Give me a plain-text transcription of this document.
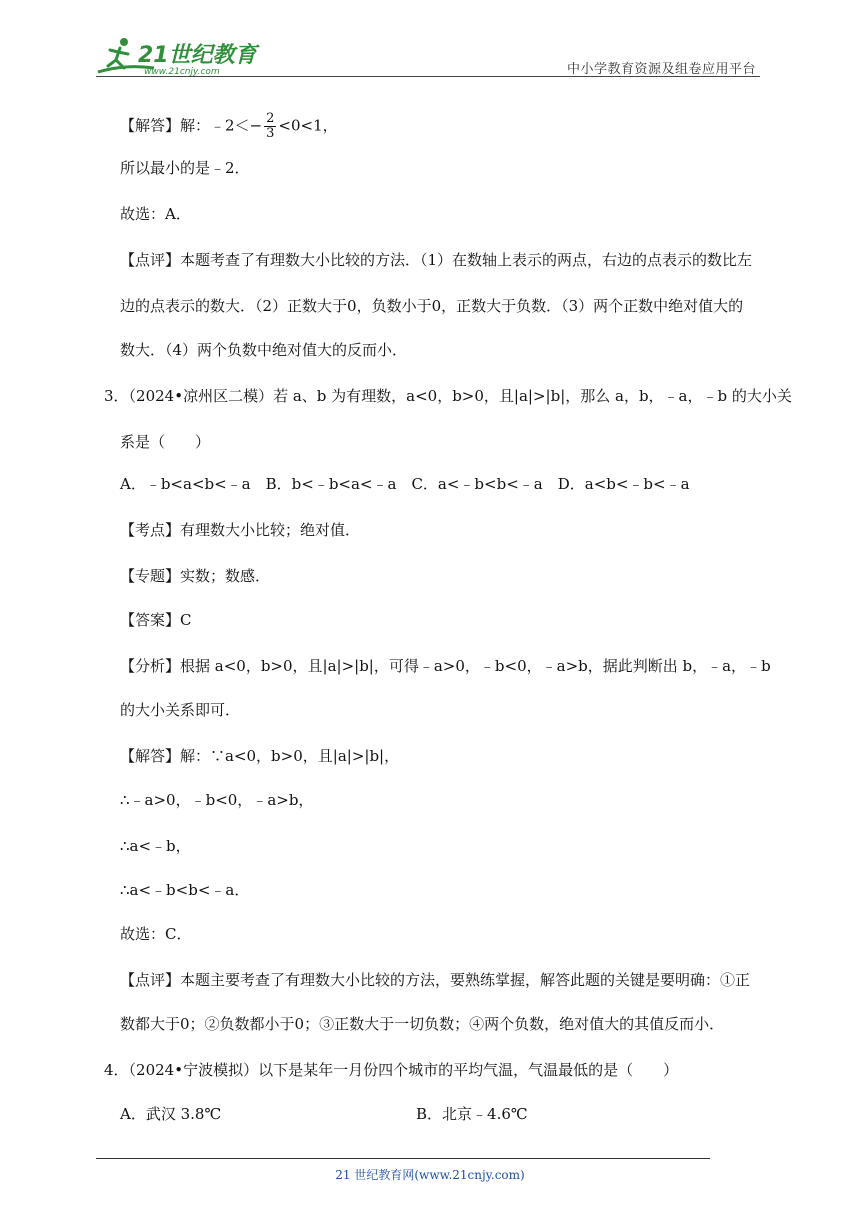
21世纪教育
www.21cnjy.com	中小学教育资源及组卷应用平台
【解答】解：﹣2＜− $\frac{2}{3} <0<1$，
所以最小的是﹣2．
故选：A．
【点评】本题考查了有理数大小比较的方法．（1）在数轴上表示的两点，右边的点表示的数比左
边的点表示的数大．（2）正数大于0，负数小于0，正数大于负数．（3）两个正数中绝对值大的
数大．（4）两个负数中绝对值大的反而小．
3．（2024•凉州区二模）若 a、b 为有理数，a<0，b>0，且|a|>|b|，那么 a，b，﹣a，﹣b 的大小关
系是（　　）
A．﹣b<a<b<﹣a　B．b<﹣b<a<﹣a　C．a<﹣b<b<﹣a　D．a<b<﹣b<﹣a
【考点】有理数大小比较；绝对值．
【专题】实数；数感．
【答案】C
【分析】根据 a<0，b>0，且|a|>|b|，可得﹣a>0，﹣b<0，﹣a>b，据此判断出 b，﹣a，﹣b
的大小关系即可．
【解答】解：∵a<0，b>0，且|a|>|b|，
∴﹣a>0，﹣b<0，﹣a>b，
∴a<﹣b，
∴a<﹣b<b<﹣a．
故选：C．
【点评】本题主要考查了有理数大小比较的方法，要熟练掌握，解答此题的关键是要明确：①正
数都大于0；②负数都小于0；③正数大于一切负数；④两个负数，绝对值大的其值反而小．
4．（2024•宁波模拟）以下是某年一月份四个城市的平均气温，气温最低的是（　　）
A．武汉 3.8℃	B．北京﹣4.6℃
21 世纪教育网(www.21cnjy.com)
